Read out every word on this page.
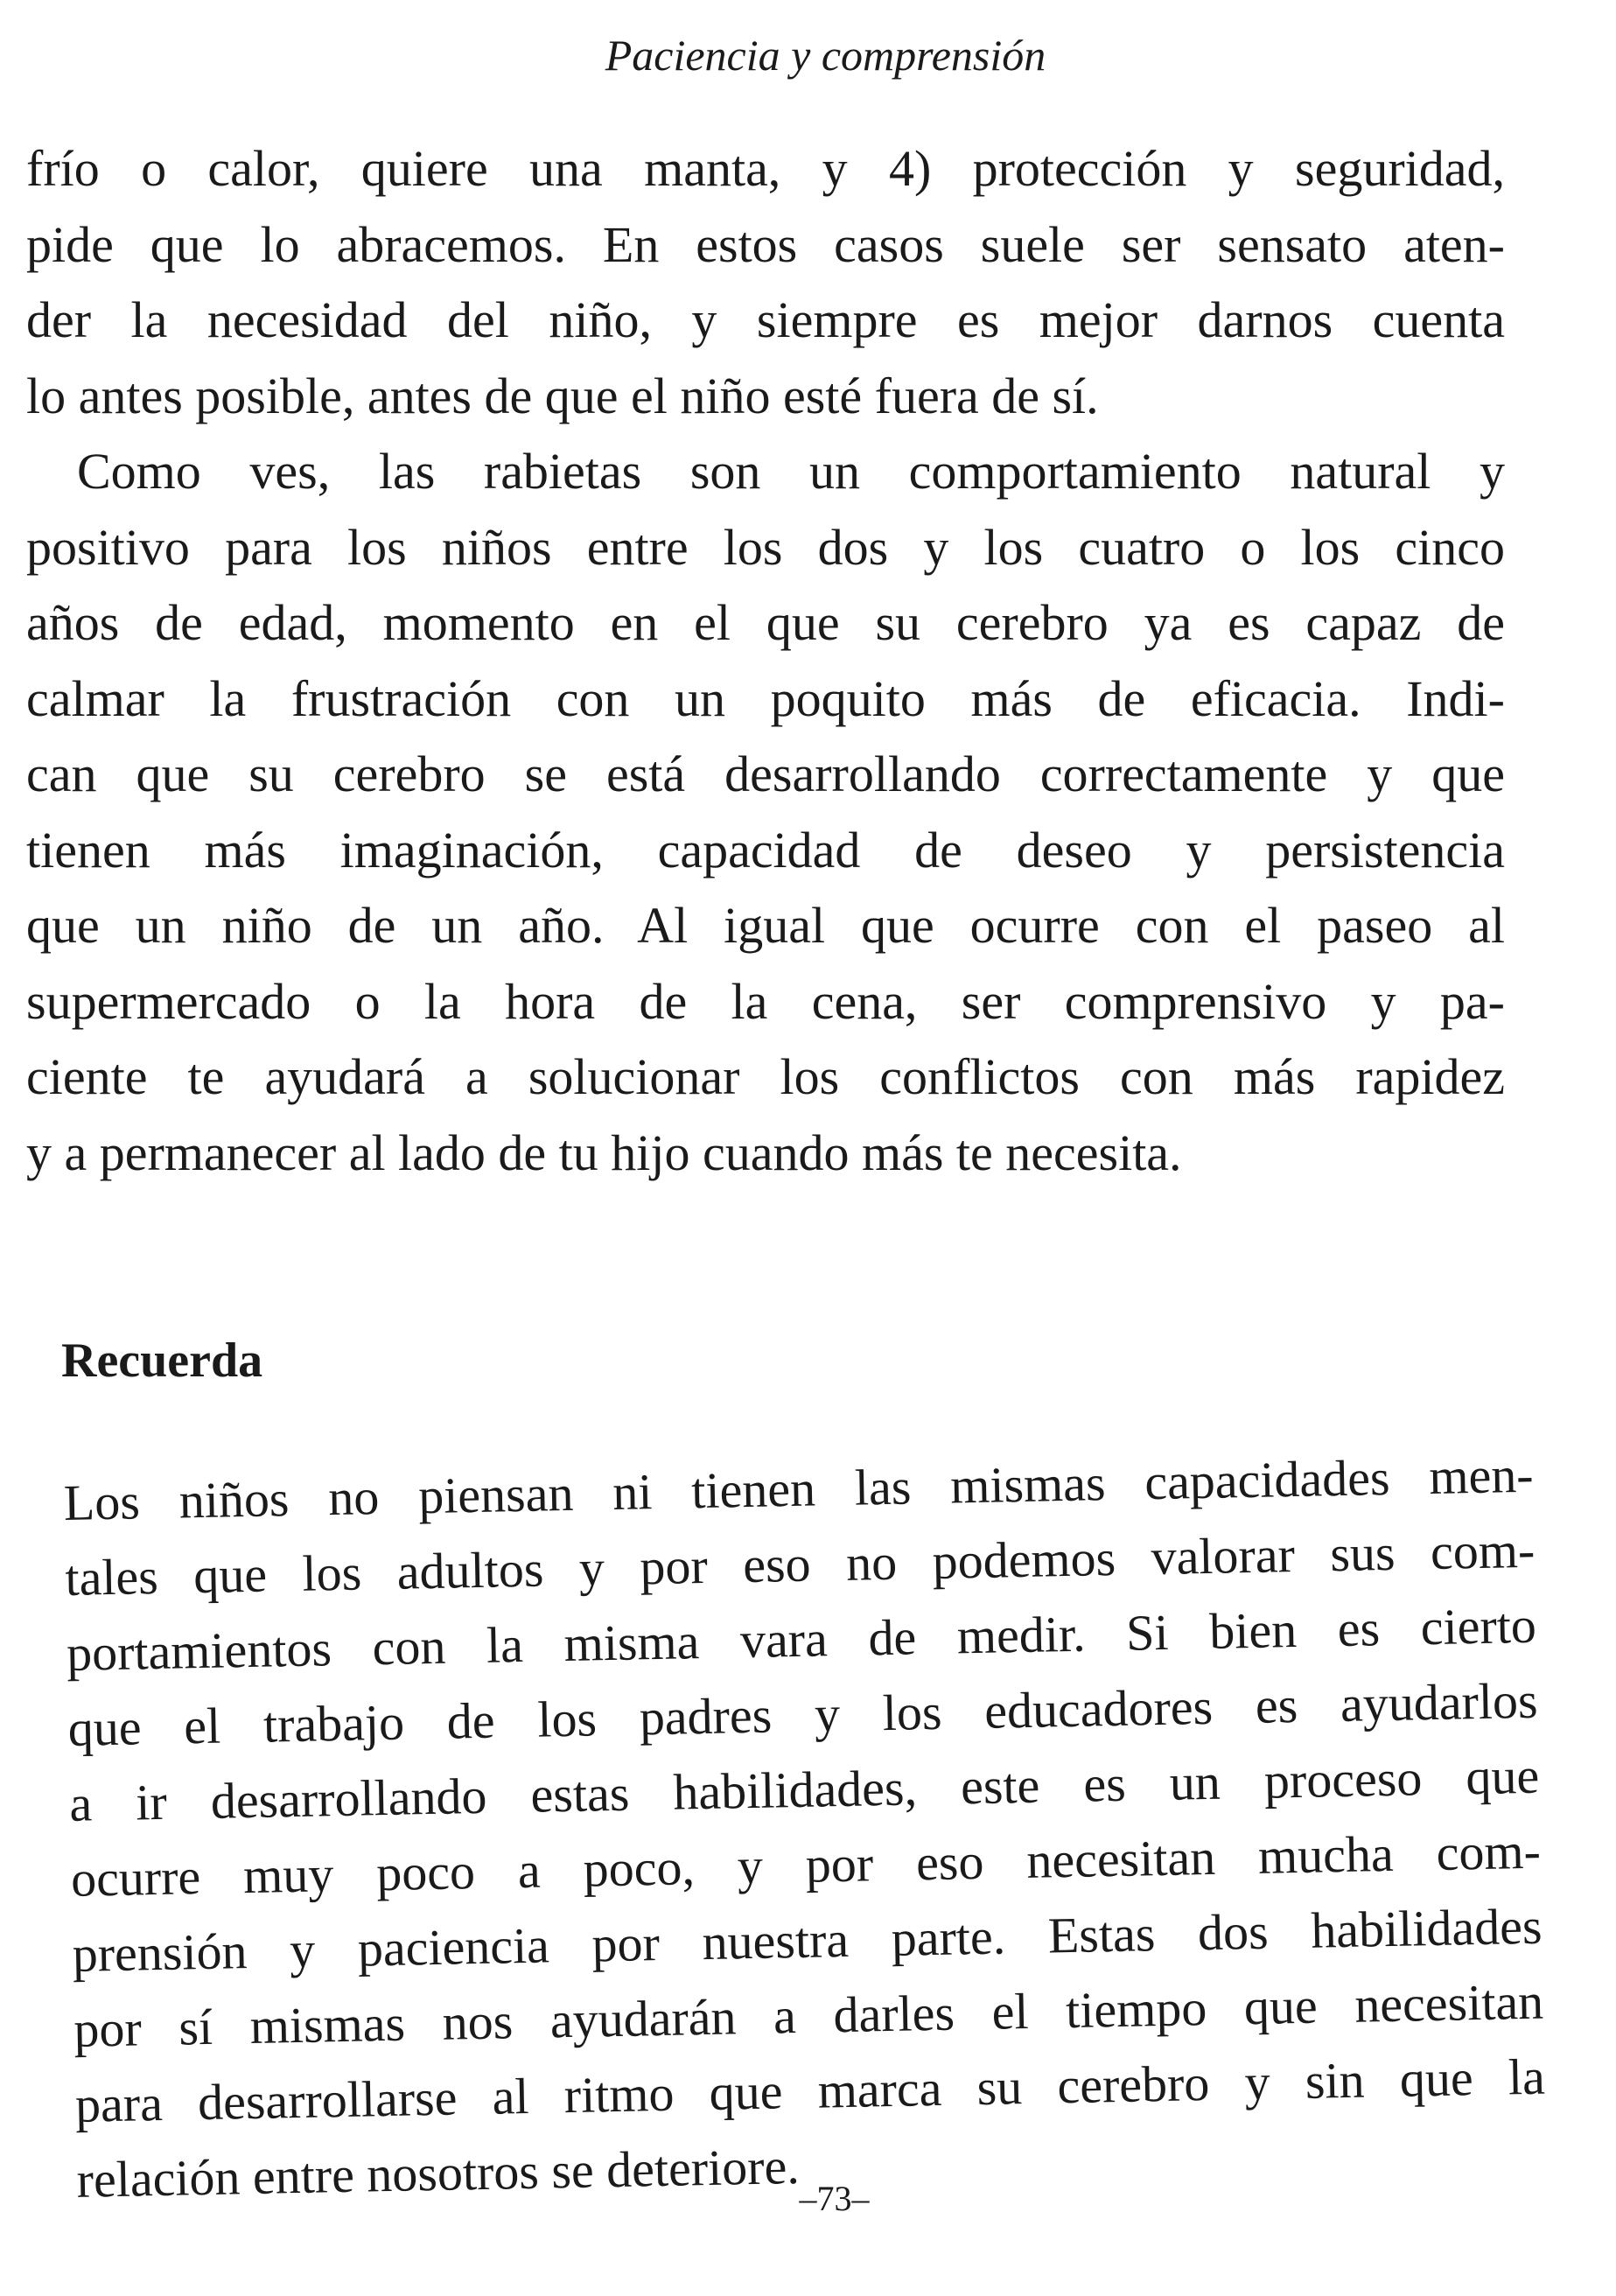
Paciencia y comprensión
frío o calor, quiere una manta, y 4) protección y seguridad,
pide que lo abracemos. En estos casos suele ser sensato aten-
der la necesidad del niño, y siempre es mejor darnos cuenta
lo antes posible, antes de que el niño esté fuera de sí.
Como ves, las rabietas son un comportamiento natural y
positivo para los niños entre los dos y los cuatro o los cinco
años de edad, momento en el que su cerebro ya es capaz de
calmar la frustración con un poquito más de eficacia. Indi-
can que su cerebro se está desarrollando correctamente y que
tienen más imaginación, capacidad de deseo y persistencia
que un niño de un año. Al igual que ocurre con el paseo al
supermercado o la hora de la cena, ser comprensivo y pa-
ciente te ayudará a solucionar los conflictos con más rapidez
y a permanecer al lado de tu hijo cuando más te necesita.
Recuerda
Los niños no piensan ni tienen las mismas capacidades men-
tales que los adultos y por eso no podemos valorar sus com-
portamientos con la misma vara de medir. Si bien es cierto
que el trabajo de los padres y los educadores es ayudarlos
a ir desarrollando estas habilidades, este es un proceso que
ocurre muy poco a poco, y por eso necesitan mucha com-
prensión y paciencia por nuestra parte. Estas dos habilidades
por sí mismas nos ayudarán a darles el tiempo que necesitan
para desarrollarse al ritmo que marca su cerebro y sin que la
relación entre nosotros se deteriore. –73–
